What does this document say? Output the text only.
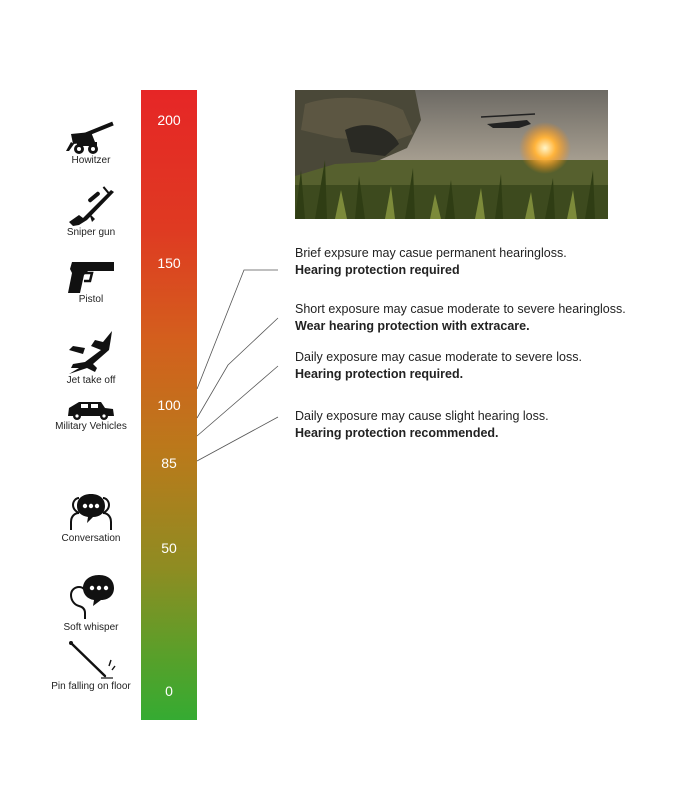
200
150
100
85
50
0
Howitzer
Sniper gun
Pistol
Jet take off
Military Vehicles
Conversation
Soft whisper
Pin falling on floor
Brief expsure may casue permanent hearingloss.
Hearing protection required
Short exposure may casue moderate to severe hearingloss.
Wear hearing protection with extracare.
Daily exposure may casue moderate to severe loss.
Hearing protection required.
Daily exposure may cause slight hearing loss.
Hearing protection recommended.
